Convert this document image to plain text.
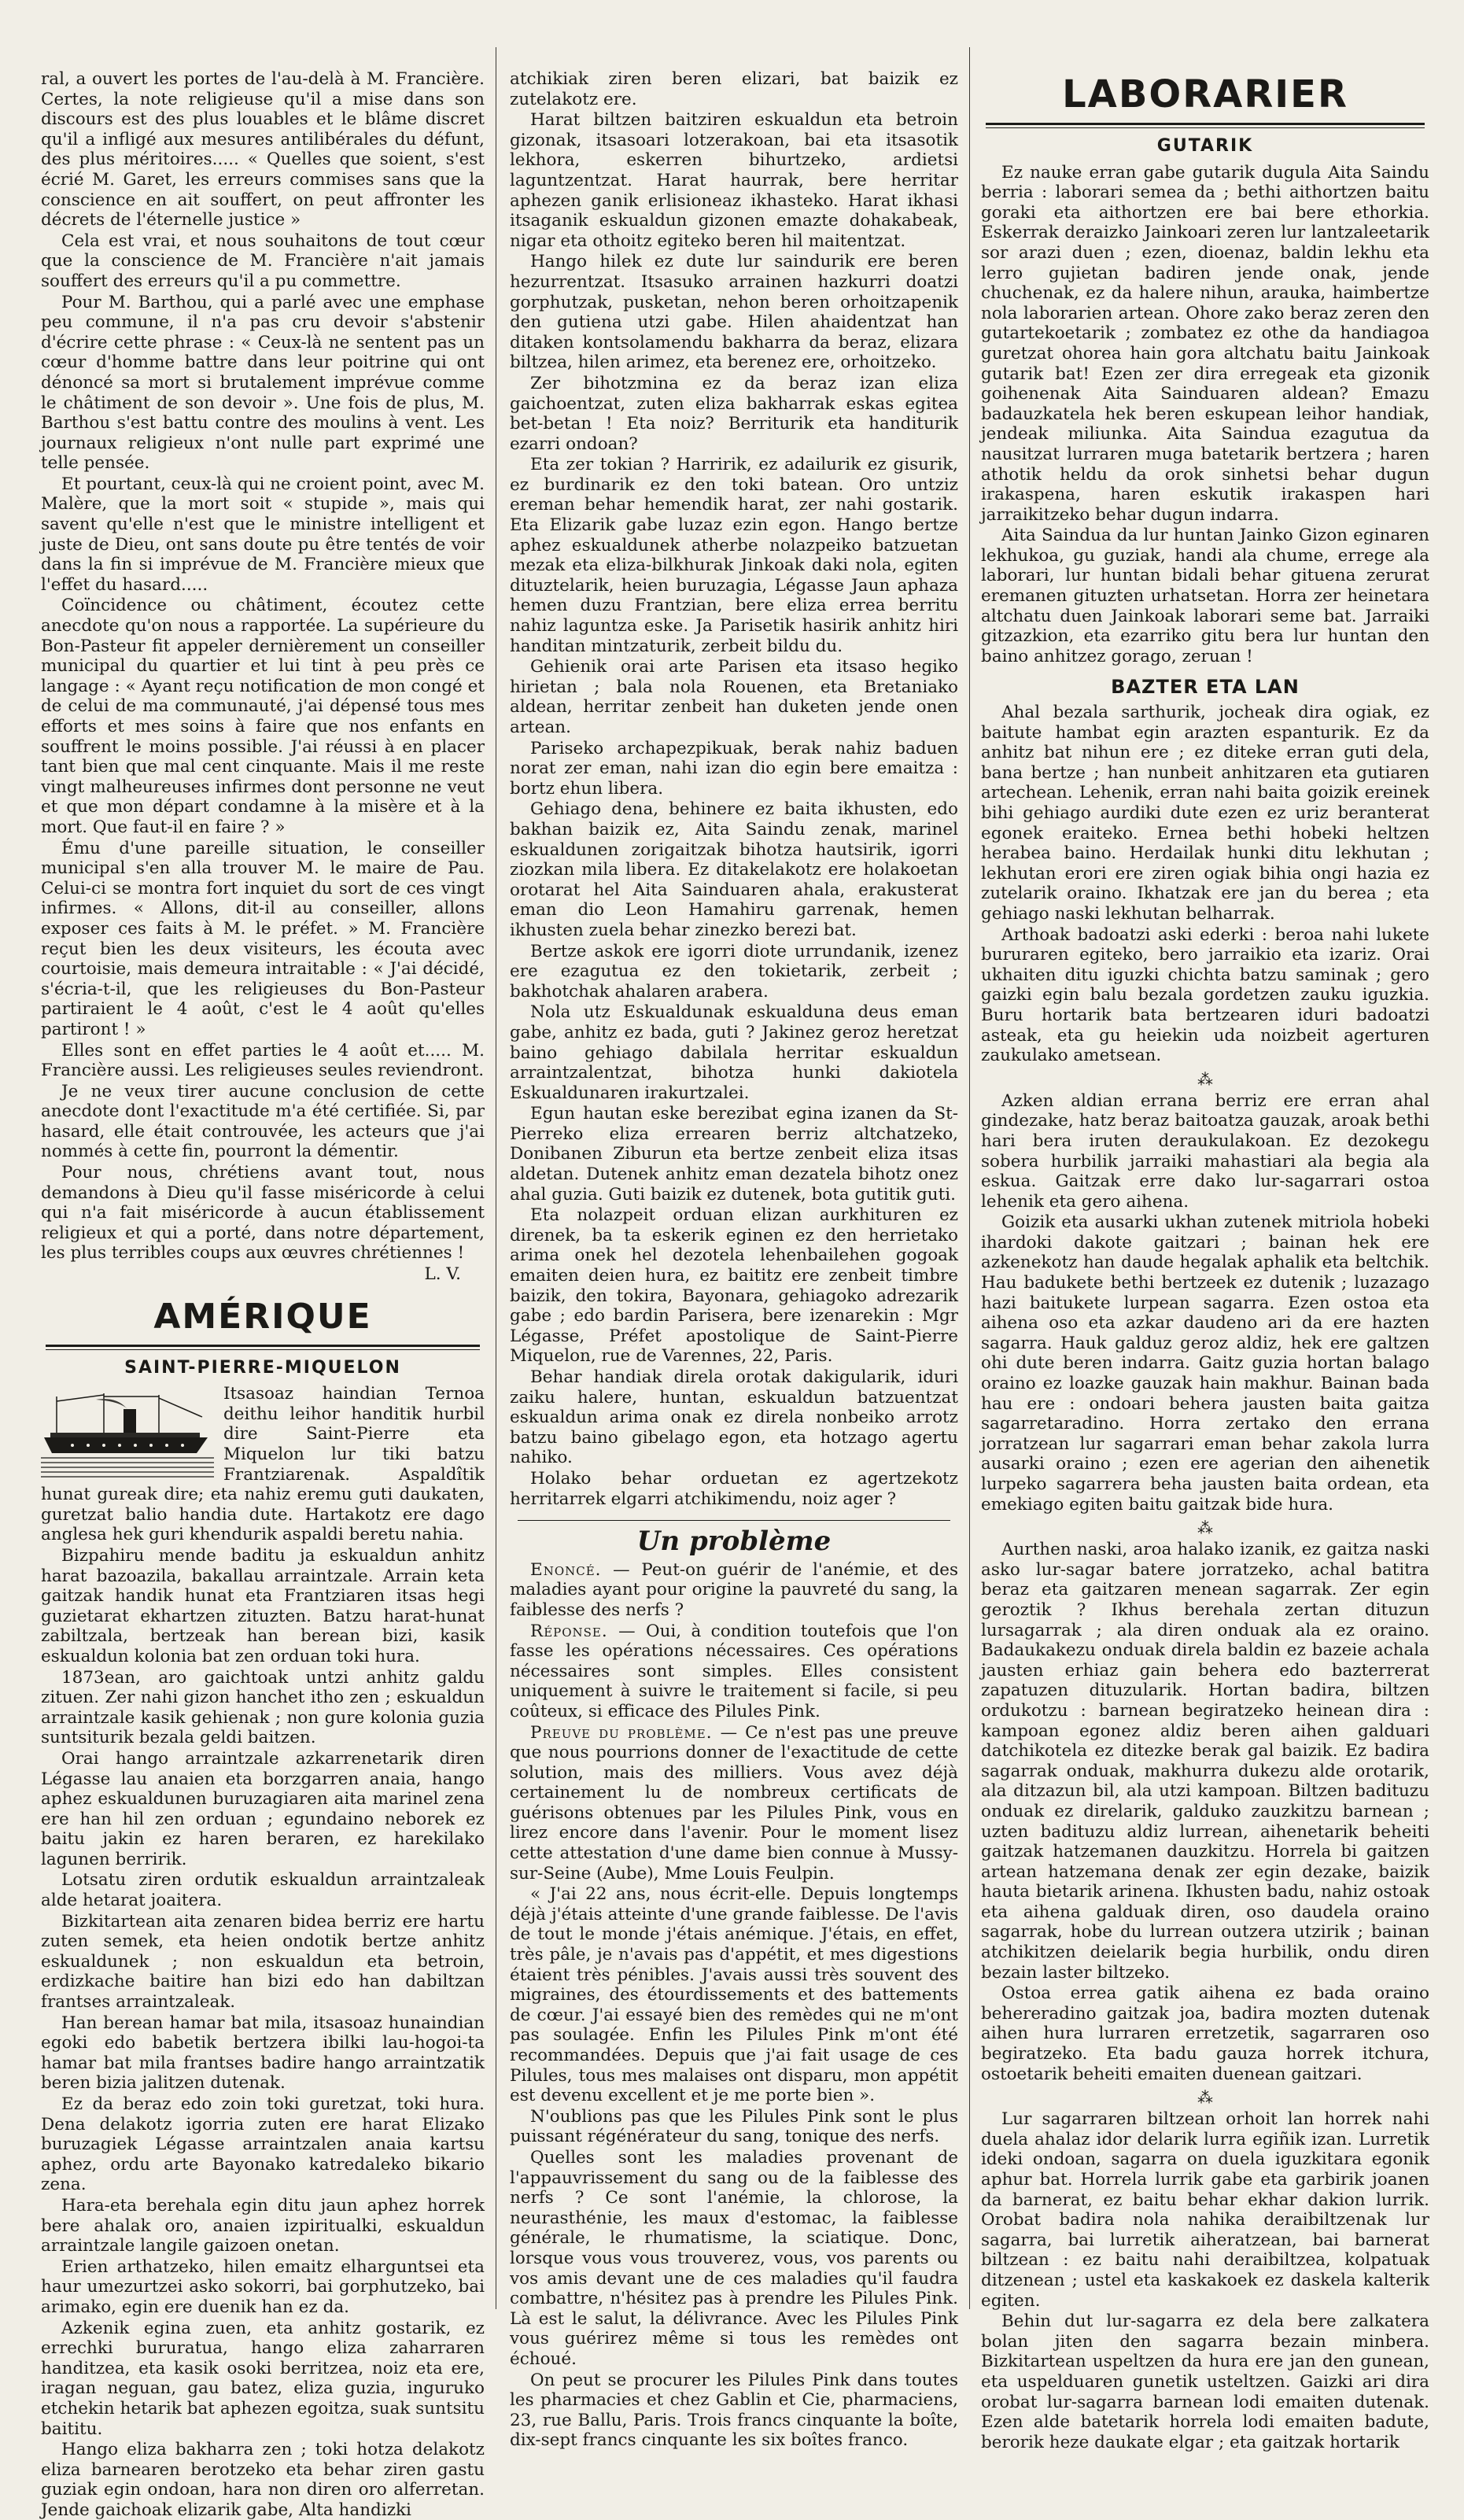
ral, a ouvert les portes de l'au-delà à M. Francière. Certes, la note religieuse qu'il a mise dans son discours est des plus louables et le blâme discret qu'il a infligé aux mesures antilibérales du défunt, des plus méritoires..... « Quelles que soient, s'est écrié M. Garet, les erreurs commises sans que la conscience en ait souffert, on peut affronter les décrets de l'éternelle justice »

Cela est vrai, et nous souhaitons de tout cœur que la conscience de M. Francière n'ait jamais souffert des erreurs qu'il a pu commettre.

Pour M. Barthou, qui a parlé avec une emphase peu commune, il n'a pas cru devoir s'abstenir d'écrire cette phrase : « Ceux-là ne sentent pas un cœur d'homme battre dans leur poitrine qui ont dénoncé sa mort si brutalement imprévue comme le châtiment de son devoir ». Une fois de plus, M. Barthou s'est battu contre des moulins à vent. Les journaux religieux n'ont nulle part exprimé une telle pensée.

Et pourtant, ceux-là qui ne croient point, avec M. Malère, que la mort soit « stupide », mais qui savent qu'elle n'est que le ministre intelligent et juste de Dieu, ont sans doute pu être tentés de voir dans la fin si imprévue de M. Francière mieux que l'effet du hasard.....

Coïncidence ou châtiment, écoutez cette anecdote qu'on nous a rapportée. La supérieure du Bon-Pasteur fit appeler dernièrement un conseiller municipal du quartier et lui tint à peu près ce langage : « Ayant reçu notification de mon congé et de celui de ma communauté, j'ai dépensé tous mes efforts et mes soins à faire que nos enfants en souffrent le moins possible. J'ai réussi à en placer tant bien que mal cent cinquante. Mais il me reste vingt malheureuses infirmes dont personne ne veut et que mon départ condamne à la misère et à la mort. Que faut-il en faire ? »

Ému d'une pareille situation, le conseiller municipal s'en alla trouver M. le maire de Pau. Celui-ci se montra fort inquiet du sort de ces vingt infirmes. « Allons, dit-il au conseiller, allons exposer ces faits à M. le préfet. » M. Francière reçut bien les deux visiteurs, les écouta avec courtoisie, mais demeura intraitable : « J'ai décidé, s'écria-t-il, que les religieuses du Bon-Pasteur partiraient le 4 août, c'est le 4 août qu'elles partiront ! »

Elles sont en effet parties le 4 août et..... M. Francière aussi. Les religieuses seules reviendront.

Je ne veux tirer aucune conclusion de cette anecdote dont l'exactitude m'a été certifiée. Si, par hasard, elle était controuvée, les acteurs que j'ai nommés à cette fin, pourront la démentir.

Pour nous, chrétiens avant tout, nous demandons à Dieu qu'il fasse miséricorde à celui qui n'a fait miséricorde à aucun établissement religieux et qui a porté, dans notre département, les plus terribles coups aux œuvres chrétiennes !

L. V.

AMÉRIQUE
SAINT-PIERRE-MIQUELON

Itsasoaz haindian Ternoa deithu leihor handitik hurbil dire Saint-Pierre eta Miquelon lur tiki batzu Frantziarenak. Aspaldîtik hunat gureak dire; eta nahiz eremu guti daukaten, guretzat balio handia dute. Hartakotz ere dago anglesa hek guri khendurik aspaldi beretu nahia.

Bizpahiru mende baditu ja eskualdun anhitz harat bazoazila, bakallau arraintzale. Arrain keta gaitzak handik hunat eta Frantziaren itsas hegi guzietarat ekhartzen zituzten. Batzu harat-hunat zabiltzala, bertzeak han berean bizi, kasik eskualdun kolonia bat zen orduan toki hura.

1873ean, aro gaichtoak untzi anhitz galdu zituen. Zer nahi gizon hanchet itho zen ; eskualdun arraintzale kasik gehienak ; non gure kolonia guzia suntsiturik bezala geldi baitzen.

Orai hango arraintzale azkarrenetarik diren Légasse lau anaien eta borzgarren anaia, hango aphez eskualdunen buruzagiaren aita marinel zena ere han hil zen orduan ; egundaino neborek ez baitu jakin ez haren beraren, ez harekilako lagunen berririk.

Lotsatu ziren ordutik eskualdun arraintzaleak alde hetarat joaitera.

Bizkitartean aita zenaren bidea berriz ere hartu zuten semek, eta heien ondotik bertze anhitz eskualdunek ; non eskualdun eta betroin, erdizkache baitire han bizi edo han dabiltzan frantses arraintzaleak.

Han berean hamar bat mila, itsasoaz hunaindian egoki edo babetik bertzera ibilki lau-hogoi-ta hamar bat mila frantses badire hango arraintzatik beren bizia jalitzen dutenak.

Ez da beraz edo zoin toki guretzat, toki hura. Dena delakotz igorria zuten ere harat Elizako buruzagiek Légasse arraintzalen anaia kartsu aphez, ordu arte Bayonako katredaleko bikario zena.

Hara-eta berehala egin ditu jaun aphez horrek bere ahalak oro, anaien izpiritualki, eskualdun arraintzale langile gaizoen onetan.

Erien arthatzeko, hilen emaitz elharguntsei eta haur umezurtzei asko sokorri, bai gorphutzeko, bai arimako, egin ere duenik han ez da.

Azkenik egina zuen, eta anhitz gostarik, ez errechki bururatua, hango eliza zaharraren handitzea, eta kasik osoki berritzea, noiz eta ere, iragan neguan, gau batez, eliza guzia, inguruko etchekin hetarik bat aphezen egoitza, suak suntsitu baititu.

Hango eliza bakharra zen ; toki hotza delakotz eliza barnearen berotzeko eta behar ziren gastu guziak egin ondoan, hara non diren oro alferretan. Jende gaichoak elizarik gabe, Alta handizki

atchikiak ziren beren elizari, bat baizik ez zutelakotz ere.

Harat biltzen baitziren eskualdun eta betroin gizonak, itsasoari lotzerakoan, bai eta itsasotik lekhora, eskerren bihurtzeko, ardietsi laguntzentzat. Harat haurrak, bere herritar aphezen ganik erlisioneaz ikhasteko. Harat ikhasi itsaganik eskualdun gizonen emazte dohakabeak, nigar eta othoitz egiteko beren hil maitentzat.

Hango hilek ez dute lur saindurik ere beren hezurrentzat. Itsasuko arrainen hazkurri doatzi gorphutzak, pusketan, nehon beren orhoitzapenik den gutiena utzi gabe. Hilen ahaidentzat han ditaken kontsolamendu bakharra da beraz, elizara biltzea, hilen arimez, eta berenez ere, orhoitzeko.

Zer bihotzmina ez da beraz izan eliza gaichoentzat, zuten eliza bakharrak eskas egitea bet-betan ! Eta noiz? Berriturik eta handiturik ezarri ondoan?

Eta zer tokian ? Harririk, ez adailurik ez gisurik, ez burdinarik ez den toki batean. Oro untziz ereman behar hemendik harat, zer nahi gostarik. Eta Elizarik gabe luzaz ezin egon. Hango bertze aphez eskualdunek atherbe nolazpeiko batzuetan mezak eta eliza-bilkhurak Jinkoak daki nola, egiten dituztelarik, heien buruzagia, Légasse Jaun aphaza hemen duzu Frantzian, bere eliza errea berritu nahiz laguntza eske. Ja Parisetik hasirik anhitz hiri handitan mintzaturik, zerbeit bildu du.

Gehienik orai arte Parisen eta itsaso hegiko hirietan ; bala nola Rouenen, eta Bretaniako aldean, herritar zenbeit han duketen jende onen artean.

Pariseko archapezpikuak, berak nahiz baduen norat zer eman, nahi izan dio egin bere emaitza : bortz ehun libera.

Gehiago dena, behinere ez baita ikhusten, edo bakhan baizik ez, Aita Saindu zenak, marinel eskualdunen zorigaitzak bihotza hautsirik, igorri ziozkan mila libera. Ez ditakelakotz ere holakoetan orotarat hel Aita Sainduaren ahala, erakusterat eman dio Leon Hamahiru garrenak, hemen ikhusten zuela behar zinezko berezi bat.

Bertze askok ere igorri diote urrundanik, izenez ere ezagutua ez den tokietarik, zerbeit ; bakhotchak ahalaren arabera.

Nola utz Eskualdunak eskualduna deus eman gabe, anhitz ez bada, guti ? Jakinez geroz heretzat baino gehiago dabilala herritar eskualdun arraintzalentzat, bihotza hunki dakiotela Eskualdunaren irakurtzalei.

Egun hautan eske berezibat egina izanen da St-Pierreko eliza errearen berriz altchatzeko, Donibanen Ziburun eta bertze zenbeit eliza itsas aldetan. Dutenek anhitz eman dezatela bihotz onez ahal guzia. Guti baizik ez dutenek, bota gutitik guti.

Eta nolazpeit orduan elizan aurkhituren ez direnek, ba ta eskerik eginen ez den herrietako arima onek hel dezotela lehenbailehen gogoak emaiten deien hura, ez baititz ere zenbeit timbre baizik, den tokira, Bayonara, gehiagoko adrezarik gabe ; edo bardin Parisera, bere izenarekin : Mgr Légasse, Préfet apostolique de Saint-Pierre Miquelon, rue de Varennes, 22, Paris.

Behar handiak direla orotak dakigularik, iduri zaiku halere, huntan, eskualdun batzuentzat eskualdun arima onak ez direla nonbeiko arrotz batzu baino gibelago egon, eta hotzago agertu nahiko.

Holako behar orduetan ez agertzekotz herritarrek elgarri atchikimendu, noiz ager ?

Un problème

Enoncé. — Peut-on guérir de l'anémie, et des maladies ayant pour origine la pauvreté du sang, la faiblesse des nerfs ?

Réponse. — Oui, à condition toutefois que l'on fasse les opérations nécessaires. Ces opérations nécessaires sont simples. Elles consistent uniquement à suivre le traitement si facile, si peu coûteux, si efficace des Pilules Pink.

Preuve du problème. — Ce n'est pas une preuve que nous pourrions donner de l'exactitude de cette solution, mais des milliers. Vous avez déjà certainement lu de nombreux certificats de guérisons obtenues par les Pilules Pink, vous en lirez encore dans l'avenir. Pour le moment lisez cette attestation d'une dame bien connue à Mussy-sur-Seine (Aube), Mme Louis Feulpin.

« J'ai 22 ans, nous écrit-elle. Depuis longtemps déjà j'étais atteinte d'une grande faiblesse. De l'avis de tout le monde j'étais anémique. J'étais, en effet, très pâle, je n'avais pas d'appétit, et mes digestions étaient très pénibles. J'avais aussi très souvent des migraines, des étourdissements et des battements de cœur. J'ai essayé bien des remèdes qui ne m'ont pas soulagée. Enfin les Pilules Pink m'ont été recommandées. Depuis que j'ai fait usage de ces Pilules, tous mes malaises ont disparu, mon appétit est devenu excellent et je me porte bien ».

N'oublions pas que les Pilules Pink sont le plus puissant régénérateur du sang, tonique des nerfs.

Quelles sont les maladies provenant de l'appauvrissement du sang ou de la faiblesse des nerfs ? Ce sont l'anémie, la chlorose, la neurasthénie, les maux d'estomac, la faiblesse générale, le rhumatisme, la sciatique. Donc, lorsque vous vous trouverez, vous, vos parents ou vos amis devant une de ces maladies qu'il faudra combattre, n'hésitez pas à prendre les Pilules Pink. Là est le salut, la délivrance. Avec les Pilules Pink vous guérirez même si tous les remèdes ont échoué.

On peut se procurer les Pilules Pink dans toutes les pharmacies et chez Gablin et Cie, pharmaciens, 23, rue Ballu, Paris. Trois francs cinquante la boîte, dix-sept francs cinquante les six boîtes franco.

LABORARIER
GUTARIK

Ez nauke erran gabe gutarik dugula Aita Saindu berria : laborari semea da ; bethi aithortzen baitu goraki eta aithortzen ere bai bere ethorkia. Eskerrak deraizko Jainkoari zeren lur lantzaleetarik sor arazi duen ; ezen, dioenaz, baldin lekhu eta lerro gujietan badiren jende onak, jende chuchenak, ez da halere nihun, arauka, haimbertze nola laborarien artean. Ohore zako beraz zeren den gutartekoetarik ; zombatez ez othe da handiagoa guretzat ohorea hain gora altchatu baitu Jainkoak gutarik bat! Ezen zer dira erregeak eta gizonik goihenenak Aita Sainduaren aldean? Emazu badauzkatela hek beren eskupean leihor handiak, jendeak miliunka. Aita Saindua ezagutua da nausitzat lurraren muga batetarik bertzera ; haren athotik heldu da orok sinhetsi behar dugun irakaspena, haren eskutik irakaspen hari jarraikitzeko behar dugun indarra.

Aita Saindua da lur huntan Jainko Gizon eginaren lekhukoa, gu guziak, handi ala chume, errege ala laborari, lur huntan bidali behar gituena zerurat eremanen gituzten urhatsetan. Horra zer heinetara altchatu duen Jainkoak laborari seme bat. Jarraiki gitzazkion, eta ezarriko gitu bera lur huntan den baino anhitzez gorago, zeruan !

BAZTER ETA LAN

Ahal bezala sarthurik, jocheak dira ogiak, ez baitute hambat egin arazten espanturik. Ez da anhitz bat nihun ere ; ez diteke erran guti dela, bana bertze ; han nunbeit anhitzaren eta gutiaren artechean. Lehenik, erran nahi baita goizik ereinek bihi gehiago aurdiki dute ezen ez uriz beranterat egonek eraiteko. Ernea bethi hobeki heltzen herabea baino. Herdailak hunki ditu lekhutan ; lekhutan erori ere ziren ogiak bihia ongi hazia ez zutelarik oraino. Ikhatzak ere jan du berea ; eta gehiago naski lekhutan belharrak.

Arthoak badoatzi aski ederki : beroa nahi lukete bururaren egiteko, bero jarraikio eta izariz. Orai ukhaiten ditu iguzki chichta batzu saminak ; gero gaizki egin balu bezala gordetzen zauku iguzkia. Buru hortarik bata bertzearen iduri badoatzi asteak, eta gu heiekin uda noizbeit agerturen zaukulako ametsean.

⁂

Azken aldian errana berriz ere erran ahal gindezake, hatz beraz baitoatza gauzak, aroak bethi hari bera iruten deraukulakoan. Ez dezokegu sobera hurbilik jarraiki mahastiari ala begia ala eskua. Gaitzak erre dako lur-sagarrari ostoa lehenik eta gero aihena.

Goizik eta ausarki ukhan zutenek mitriola hobeki ihardoki dakote gaitzari ; bainan hek ere azkenekotz han daude hegalak aphalik eta beltchik. Hau badukete bethi bertzeek ez dutenik ; luzazago hazi baitukete lurpean sagarra. Ezen ostoa eta aihena oso eta azkar daudeno ari da ere hazten sagarra. Hauk galduz geroz aldiz, hek ere galtzen ohi dute beren indarra. Gaitz guzia hortan balago oraino ez loazke gauzak hain makhur. Bainan bada hau ere : ondoari behera jausten baita gaitza sagarretaradino. Horra zertako den errana jorratzean lur sagarrari eman behar zakola lurra ausarki oraino ; ezen ere agerian den aihenetik lurpeko sagarrera beha jausten baita ordean, eta emekiago egiten baitu gaitzak bide hura.

⁂

Aurthen naski, aroa halako izanik, ez gaitza naski asko lur-sagar batere jorratzeko, achal batitra beraz eta gaitzaren menean sagarrak. Zer egin geroztik ? Ikhus berehala zertan dituzun lursagarrak ; ala diren onduak ala ez oraino. Badaukakezu onduak direla baldin ez bazeie achala jausten erhiaz gain behera edo bazterrerat zapatuzen dituzularik. Hortan badira, biltzen ordukotzu : barnean begiratzeko heinean dira : kampoan egonez aldiz beren aihen galduari datchikotela ez ditezke berak gal baizik. Ez badira sagarrak onduak, makhurra dukezu alde orotarik, ala ditzazun bil, ala utzi kampoan. Biltzen badituzu onduak ez direlarik, galduko zauzkitzu barnean ; uzten badituzu aldiz lurrean, aihenetarik beheiti gaitzak hatzemanen dauzkitzu. Horrela bi gaitzen artean hatzemana denak zer egin dezake, baizik hauta bietarik arinena. Ikhusten badu, nahiz ostoak eta aihena galduak diren, oso daudela oraino sagarrak, hobe du lurrean outzera utzirik ; bainan atchikitzen deielarik begia hurbilik, ondu diren bezain laster biltzeko.

Ostoa errea gatik aihena ez bada oraino behereradino gaitzak joa, badira mozten dutenak aihen hura lurraren erretzetik, sagarraren oso begiratzeko. Eta badu gauza horrek itchura, ostoetarik beheiti emaiten duenean gaitzari.

⁂

Lur sagarraren biltzean orhoit lan horrek nahi duela ahalaz idor delarik lurra egiñik izan. Lurretik ideki ondoan, sagarra on duela iguzkitara egonik aphur bat. Horrela lurrik gabe eta garbirik joanen da barnerat, ez baitu behar ekhar dakion lurrik. Orobat badira nola nahika deraibiltzenak lur sagarra, bai lurretik aiheratzean, bai barnerat biltzean : ez baitu nahi deraibiltzea, kolpatuak ditzenean ; ustel eta kaskakoek ez daskela kalterik egiten.

Behin dut lur-sagarra ez dela bere zalkatera bolan jiten den sagarra bezain minbera. Bizkitartean uspeltzen da hura ere jan den gunean, eta uspelduaren gunetik usteltzen. Gaizki ari dira orobat lur-sagarra barnean lodi emaiten dutenak. Ezen alde batetarik horrela lodi emaiten badute, berorik heze daukate elgar ; eta gaitzak hortarik
